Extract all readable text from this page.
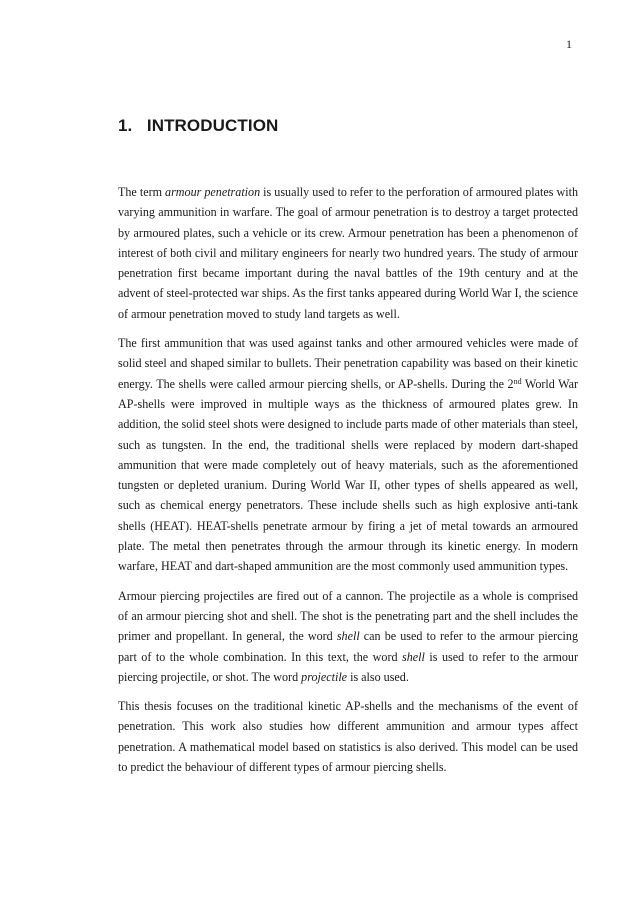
1
1. INTRODUCTION

The term armour penetration is usually used to refer to the perforation of armoured plates with varying ammunition in warfare. The goal of armour penetration is to destroy a target protected by armoured plates, such a vehicle or its crew. Armour penetration has been a phenomenon of interest of both civil and military engineers for nearly two hundred years. The study of armour penetration first became important during the naval battles of the 19th century and at the advent of steel-protected war ships. As the first tanks appeared during World War I, the science of armour penetration moved to study land targets as well.

The first ammunition that was used against tanks and other armoured vehicles were made of solid steel and shaped similar to bullets. Their penetration capability was based on their kinetic energy. The shells were called armour piercing shells, or AP-shells. During the 2nd World War AP-shells were improved in multiple ways as the thickness of armoured plates grew. In addition, the solid steel shots were designed to include parts made of other materials than steel, such as tungsten. In the end, the traditional shells were replaced by modern dart-shaped ammunition that were made completely out of heavy materials, such as the aforementioned tungsten or depleted uranium. During World War II, other types of shells appeared as well, such as chemical energy penetrators. These include shells such as high explosive anti-tank shells (HEAT). HEAT-shells penetrate armour by firing a jet of metal towards an armoured plate. The metal then penetrates through the armour through its kinetic energy. In modern warfare, HEAT and dart-shaped ammunition are the most commonly used ammunition types.

Armour piercing projectiles are fired out of a cannon. The projectile as a whole is comprised of an armour piercing shot and shell. The shot is the penetrating part and the shell includes the primer and propellant. In general, the word shell can be used to refer to the armour piercing part of to the whole combination. In this text, the word shell is used to refer to the armour piercing projectile, or shot. The word projectile is also used.

This thesis focuses on the traditional kinetic AP-shells and the mechanisms of the event of penetration. This work also studies how different ammunition and armour types affect penetration. A mathematical model based on statistics is also derived. This model can be used to predict the behaviour of different types of armour piercing shells.
